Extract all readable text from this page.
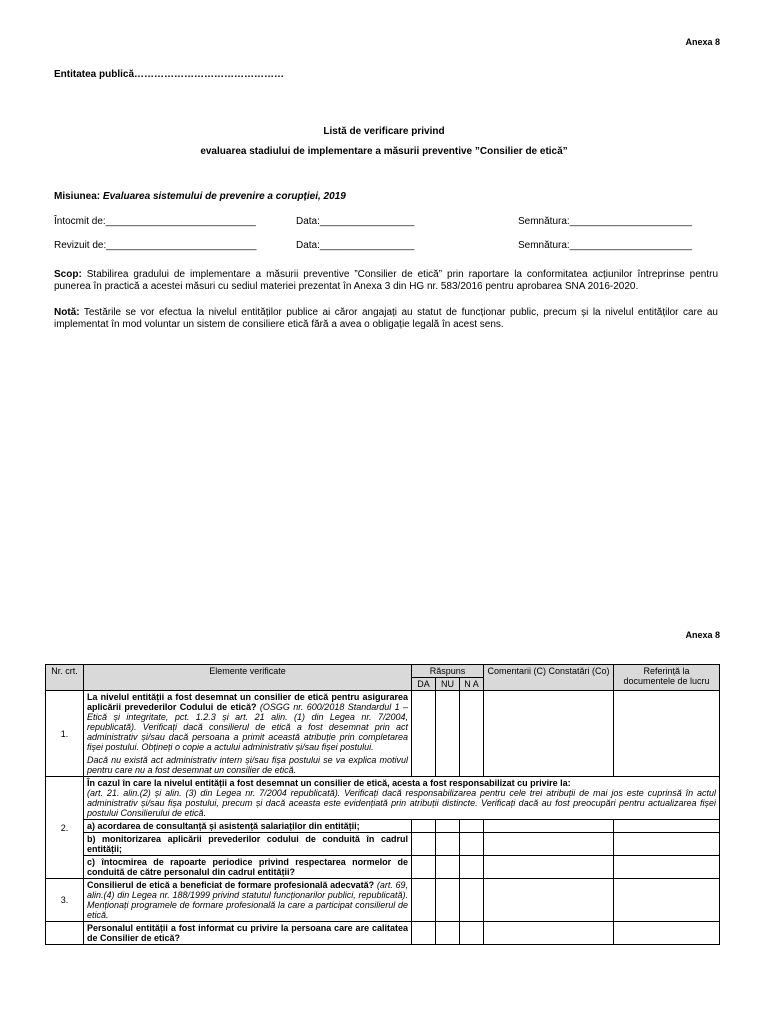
Anexa 8
Entitatea publică………………………………………
Listă de verificare privind
evaluarea stadiului de implementare a măsurii preventive ”Consilier de etică”
Misiunea: Evaluarea sistemului de prevenire a corupției, 2019
Întocmit de:___________________________	Data:_________________	Semnătura:______________________
Revizuit de:___________________________	Data:_________________	Semnătura:______________________
Scop: Stabilirea gradului de implementare a măsurii preventive ”Consilier de etică” prin raportare la conformitatea acțiunilor întreprinse pentru punerea în practică a acestei măsuri cu sediul materiei prezentat în Anexa 3 din HG nr. 583/2016 pentru aprobarea SNA 2016-2020.
Notă: Testările se vor efectua la nivelul entităților publice ai căror angajați au statut de funcționar public, precum și la nivelul entităților care au implementat în mod voluntar un sistem de consiliere etică fără a avea o obligație legală în acest sens.
Anexa 8
Nr. crt.	Elemente verificate	Răspuns			Comentarii (C) Constatări (Co)	Referință la documentele de lucru
		DA	NU	N A		
1.	La nivelul entității a fost desemnat un consilier de etică pentru asigurarea aplicării prevederilor Codului de etică? (OSGG nr. 600/2018 Standardul 1 – Etică și integritate, pct. 1.2.3 și art. 21 alin. (1) din Legea nr. 7/2004, republicată). Verificați dacă consilierul de etică a fost desemnat prin act administrativ și/sau dacă persoana a primit această atribuție prin completarea fișei postului. Obțineți o copie a actului administrativ și/sau fișei postului.
Dacă nu există act administrativ intern și/sau fișa postului se va explica motivul pentru care nu a fost desemnat un consilier de etică.					

2.	În cazul în care la nivelul entității a fost desemnat un consilier de etică, acesta a fost responsabilizat cu privire la:
(art. 21. alin.(2) și alin. (3) din Legea nr. 7/2004 republicată). Verificați dacă responsabilizarea pentru cele trei atribuții de mai jos este cuprinsă în actul administrativ și/sau fișa postului, precum și dacă aceasta este evidențiată prin atribuții distincte. Verificați dacă au fost preocupări pentru actualizarea fișei postului Consilierului de etică.					
	a) acordarea de consultanță și asistență salariaților din entității;					
	b) monitorizarea aplicării prevederilor codului de conduită în cadrul entității;					
	c) întocmirea de rapoarte periodice privind respectarea normelor de conduită de către personalul din cadrul entității?					
3.	Consilierul de etică a beneficiat de formare profesională adecvată? (art. 69, alin.(4) din Legea nr. 188/1999 privind statutul funcționarilor publici, republicată). Menționați programele de formare profesională la care a participat consilierul de etică.					
	Personalul entității a fost informat cu privire la persoana care are calitatea de Consilier de etică?					
